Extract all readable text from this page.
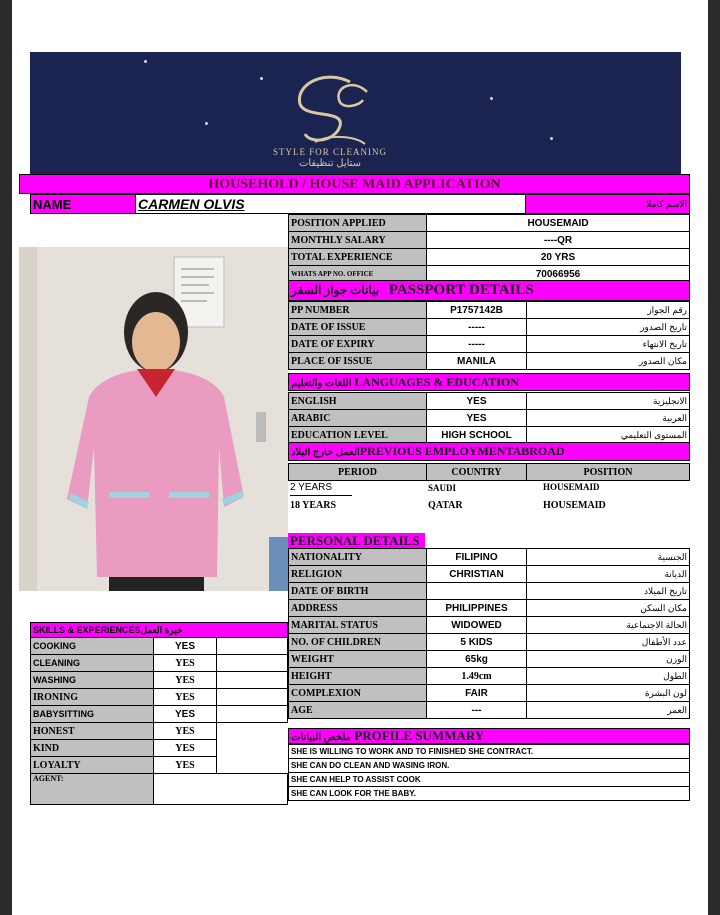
STYLE FOR CLEANING
ستايل تنظيفات
HOUSEHOLD / HOUSE MAID APPLICATION
NAME	CARMEN OLVIS	الاسم كاملا
POSITION APPLIED	HOUSEMAID
MONTHLY SALARY	----QR
TOTAL EXPERIENCE	20 YRS
WHATS APP NO. OFFICE	70066956
بيانات جواز السفر PASSPORT DETAILS
PP NUMBER	P1757142B	رقم الجواز
DATE OF ISSUE	-----	تاريخ الصدور
DATE OF EXPIRY	-----	تاريخ الانتهاء
PLACE OF ISSUE	MANILA	مكان الصدور
اللغات والتعليم LANGUAGES & EDUCATION
ENGLISH	YES	الانجليزية
ARABIC	YES	العربية
EDUCATION LEVEL	HIGH SCHOOL	المستوى التعليمي
العمل خارج البلادPREVIOUS EMPLOYMENTABROAD
PERIOD	COUNTRY	POSITION
2 YEARS	SAUDI	HOUSEMAID
18 YEARS	QATAR	HOUSEMAID
PERSONAL DETAILS
NATIONALITY	FILIPINO	الجنسية
RELIGION	CHRISTIAN	الديانة
DATE OF BIRTH		تاريخ الميلاد
ADDRESS	PHILIPPINES	مكان السكن
MARITAL STATUS	WIDOWED	الحالة الاجتماعية
NO. OF CHILDREN	5 KIDS	عدد الأطفال
WEIGHT	65kg	الوزن
HEIGHT	1.49cm	الطول
COMPLEXION	FAIR	لون البشرة
AGE	---	العمر
ملخص البيانات PROFILE SUMMARY
SHE IS WILLING TO WORK AND TO FINISHED SHE CONTRACT.
SHE CAN DO CLEAN AND WASING IRON.
SHE CAN HELP TO ASSIST COOK
SHE CAN LOOK FOR THE BABY.
SKILLS & EXPERIENCESخبرة العمل		
COOKING	YES	
CLEANING	YES	
WASHING	YES	
IRONING	YES	
BABYSITTING	YES	
HONEST	YES	
KIND	YES	
LOYALTY	YES	
AGENT:		
